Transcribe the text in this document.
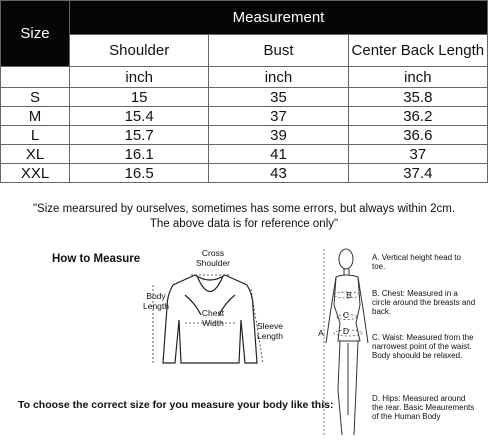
Size	Measurement		
	Shoulder	Bust	Center Back Length
	inch	inch	inch
S	15	35	35.8
M	15.4	37	36.2
L	15.7	39	36.6
XL	16.1	41	37
XXL	16.5	43	37.4
"Size mearsured by ourselves, sometimes has some errors, but always within 2cm.
The above data is for reference only"
How to Measure	Cross
Shoulder
Body
Length
Chest
Width	Sleeve
Length	A
B
C
D
A. Vertical height head to toe.
B. Chest: Measured in a circle around the breasts and back.
C. Waist: Measured from the narrowest point of the waist. Body shoould be relaxed.
D. Hips: Measured around the rear. Basic Meaurements of the Human Body
To choose the correct size for you measure your body like this:
